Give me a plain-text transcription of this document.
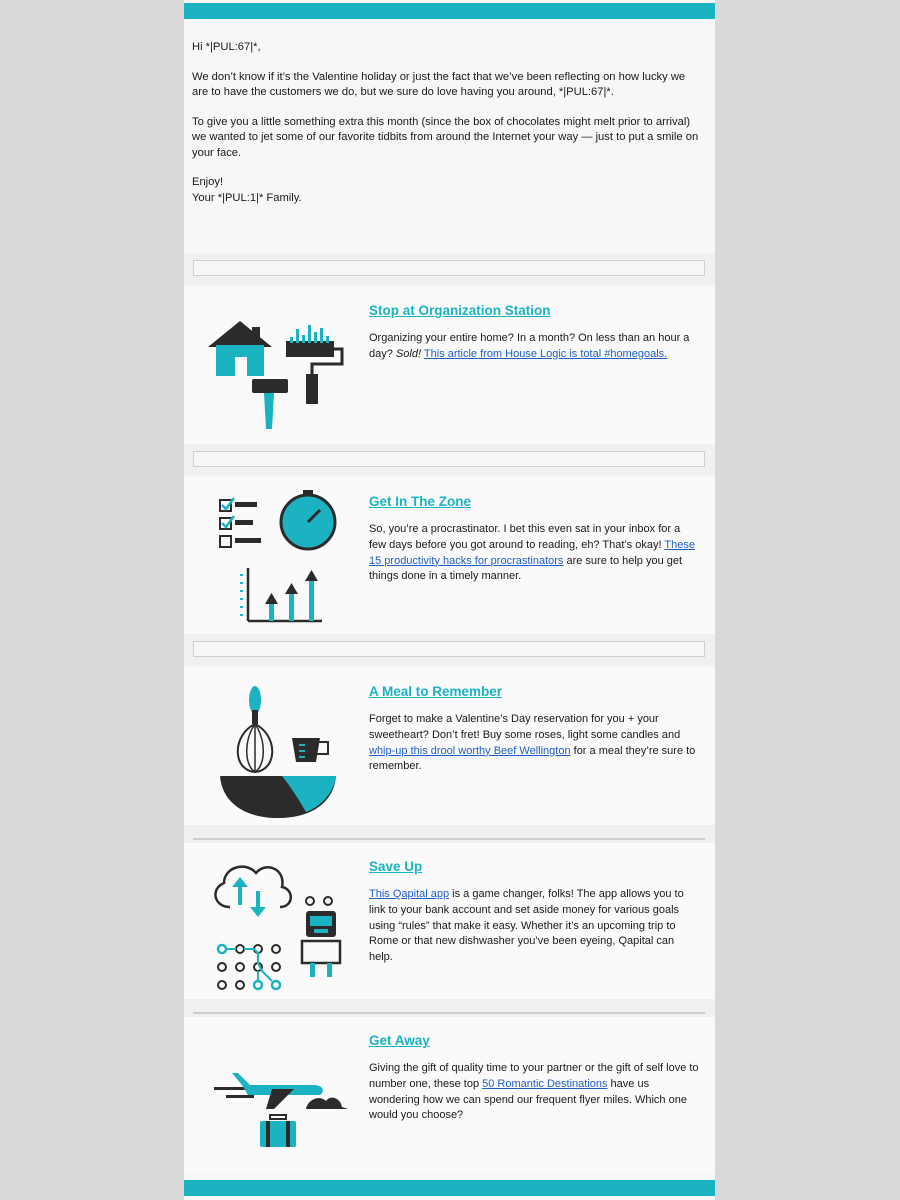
Hi *|PUL:67|*,

We don’t know if it’s the Valentine holiday or just the fact that we’ve been reflecting on how lucky we are to have the customers we do, but we sure do love having you around, *|PUL:67|*.

To give you a little something extra this month (since the box of chocolates might melt prior to arrival) we wanted to jet some of our favorite tidbits from around the Internet your way — just to put a smile on your face.

Enjoy!

Your *|PUL:1|* Family.

Stop at Organization Station

Organizing your entire home? In a month? On less than an hour a day? Sold! This article from House Logic is total #homegoals.

Get In The Zone

So, you’re a procrastinator. I bet this even sat in your inbox for a few days before you got around to reading, eh? That’s okay! These 15 productivity hacks for procrastinators are sure to help you get things done in a timely manner.

A Meal to Remember

Forget to make a Valentine’s Day reservation for you + your sweetheart? Don’t fret! Buy some roses, light some candles and whip-up this drool worthy Beef Wellington for a meal they’re sure to remember.

Save Up

This Qapital app is a game changer, folks! The app allows you to link to your bank account and set aside money for various goals using “rules” that make it easy. Whether it’s an upcoming trip to Rome or that new dishwasher you’ve been eyeing, Qapital can help.

Get Away

Giving the gift of quality time to your partner or the gift of self love to number one, these top 50 Romantic Destinations have us wondering how we can spend our frequent flyer miles. Which one would you choose?
